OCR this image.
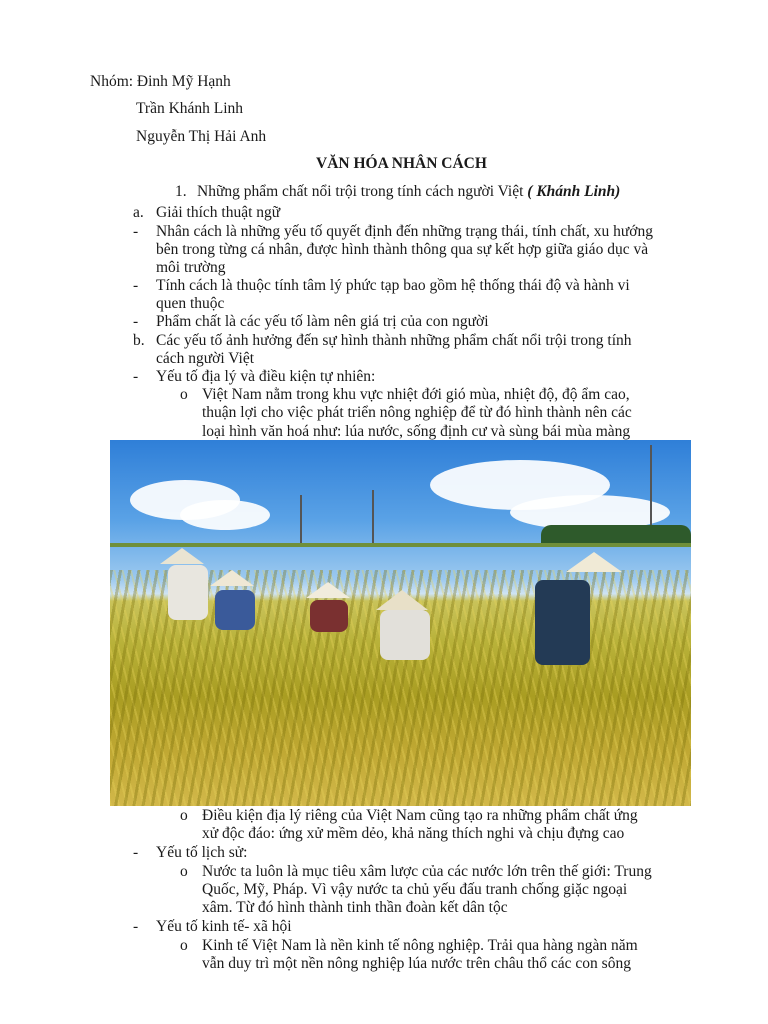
Nhóm: Đinh Mỹ Hạnh
Trần Khánh Linh
Nguyễn Thị Hải Anh
VĂN HÓA NHÂN CÁCH
1. Những phẩm chất nổi trội trong tính cách người Việt ( Khánh Linh)
a. Giải thích thuật ngữ
- Nhân cách là những yếu tố quyết định đến những trạng thái, tính chất, xu hướng
bên trong từng cá nhân, được hình thành thông qua sự kết hợp giữa giáo dục và
môi trường
- Tính cách là thuộc tính tâm lý phức tạp bao gồm hệ thống thái độ và hành vi
quen thuộc
- Phẩm chất là các yếu tố làm nên giá trị của con người
b. Các yếu tố ảnh hưởng đến sự hình thành những phẩm chất nổi trội trong tính
cách người Việt
- Yếu tố địa lý và điều kiện tự nhiên:
o Việt Nam nằm trong khu vực nhiệt đới gió mùa, nhiệt độ, độ ẩm cao,
thuận lợi cho việc phát triển nông nghiệp để từ đó hình thành nên các
loại hình văn hoá như: lúa nước, sống định cư và sùng bái mùa màng
o Điều kiện địa lý riêng của Việt Nam cũng tạo ra những phẩm chất ứng
xử độc đáo: ứng xử mềm dẻo, khả năng thích nghi và chịu đựng cao
- Yếu tố lịch sử:
o Nước ta luôn là mục tiêu xâm lược của các nước lớn trên thế giới: Trung
Quốc, Mỹ, Pháp. Vì vậy nước ta chủ yếu đấu tranh chống giặc ngoại
xâm. Từ đó hình thành tinh thần đoàn kết dân tộc
- Yếu tố kinh tế- xã hội
o Kinh tế Việt Nam là nền kinh tế nông nghiệp. Trải qua hàng ngàn năm
vẫn duy trì một nền nông nghiệp lúa nước trên châu thổ các con sông
